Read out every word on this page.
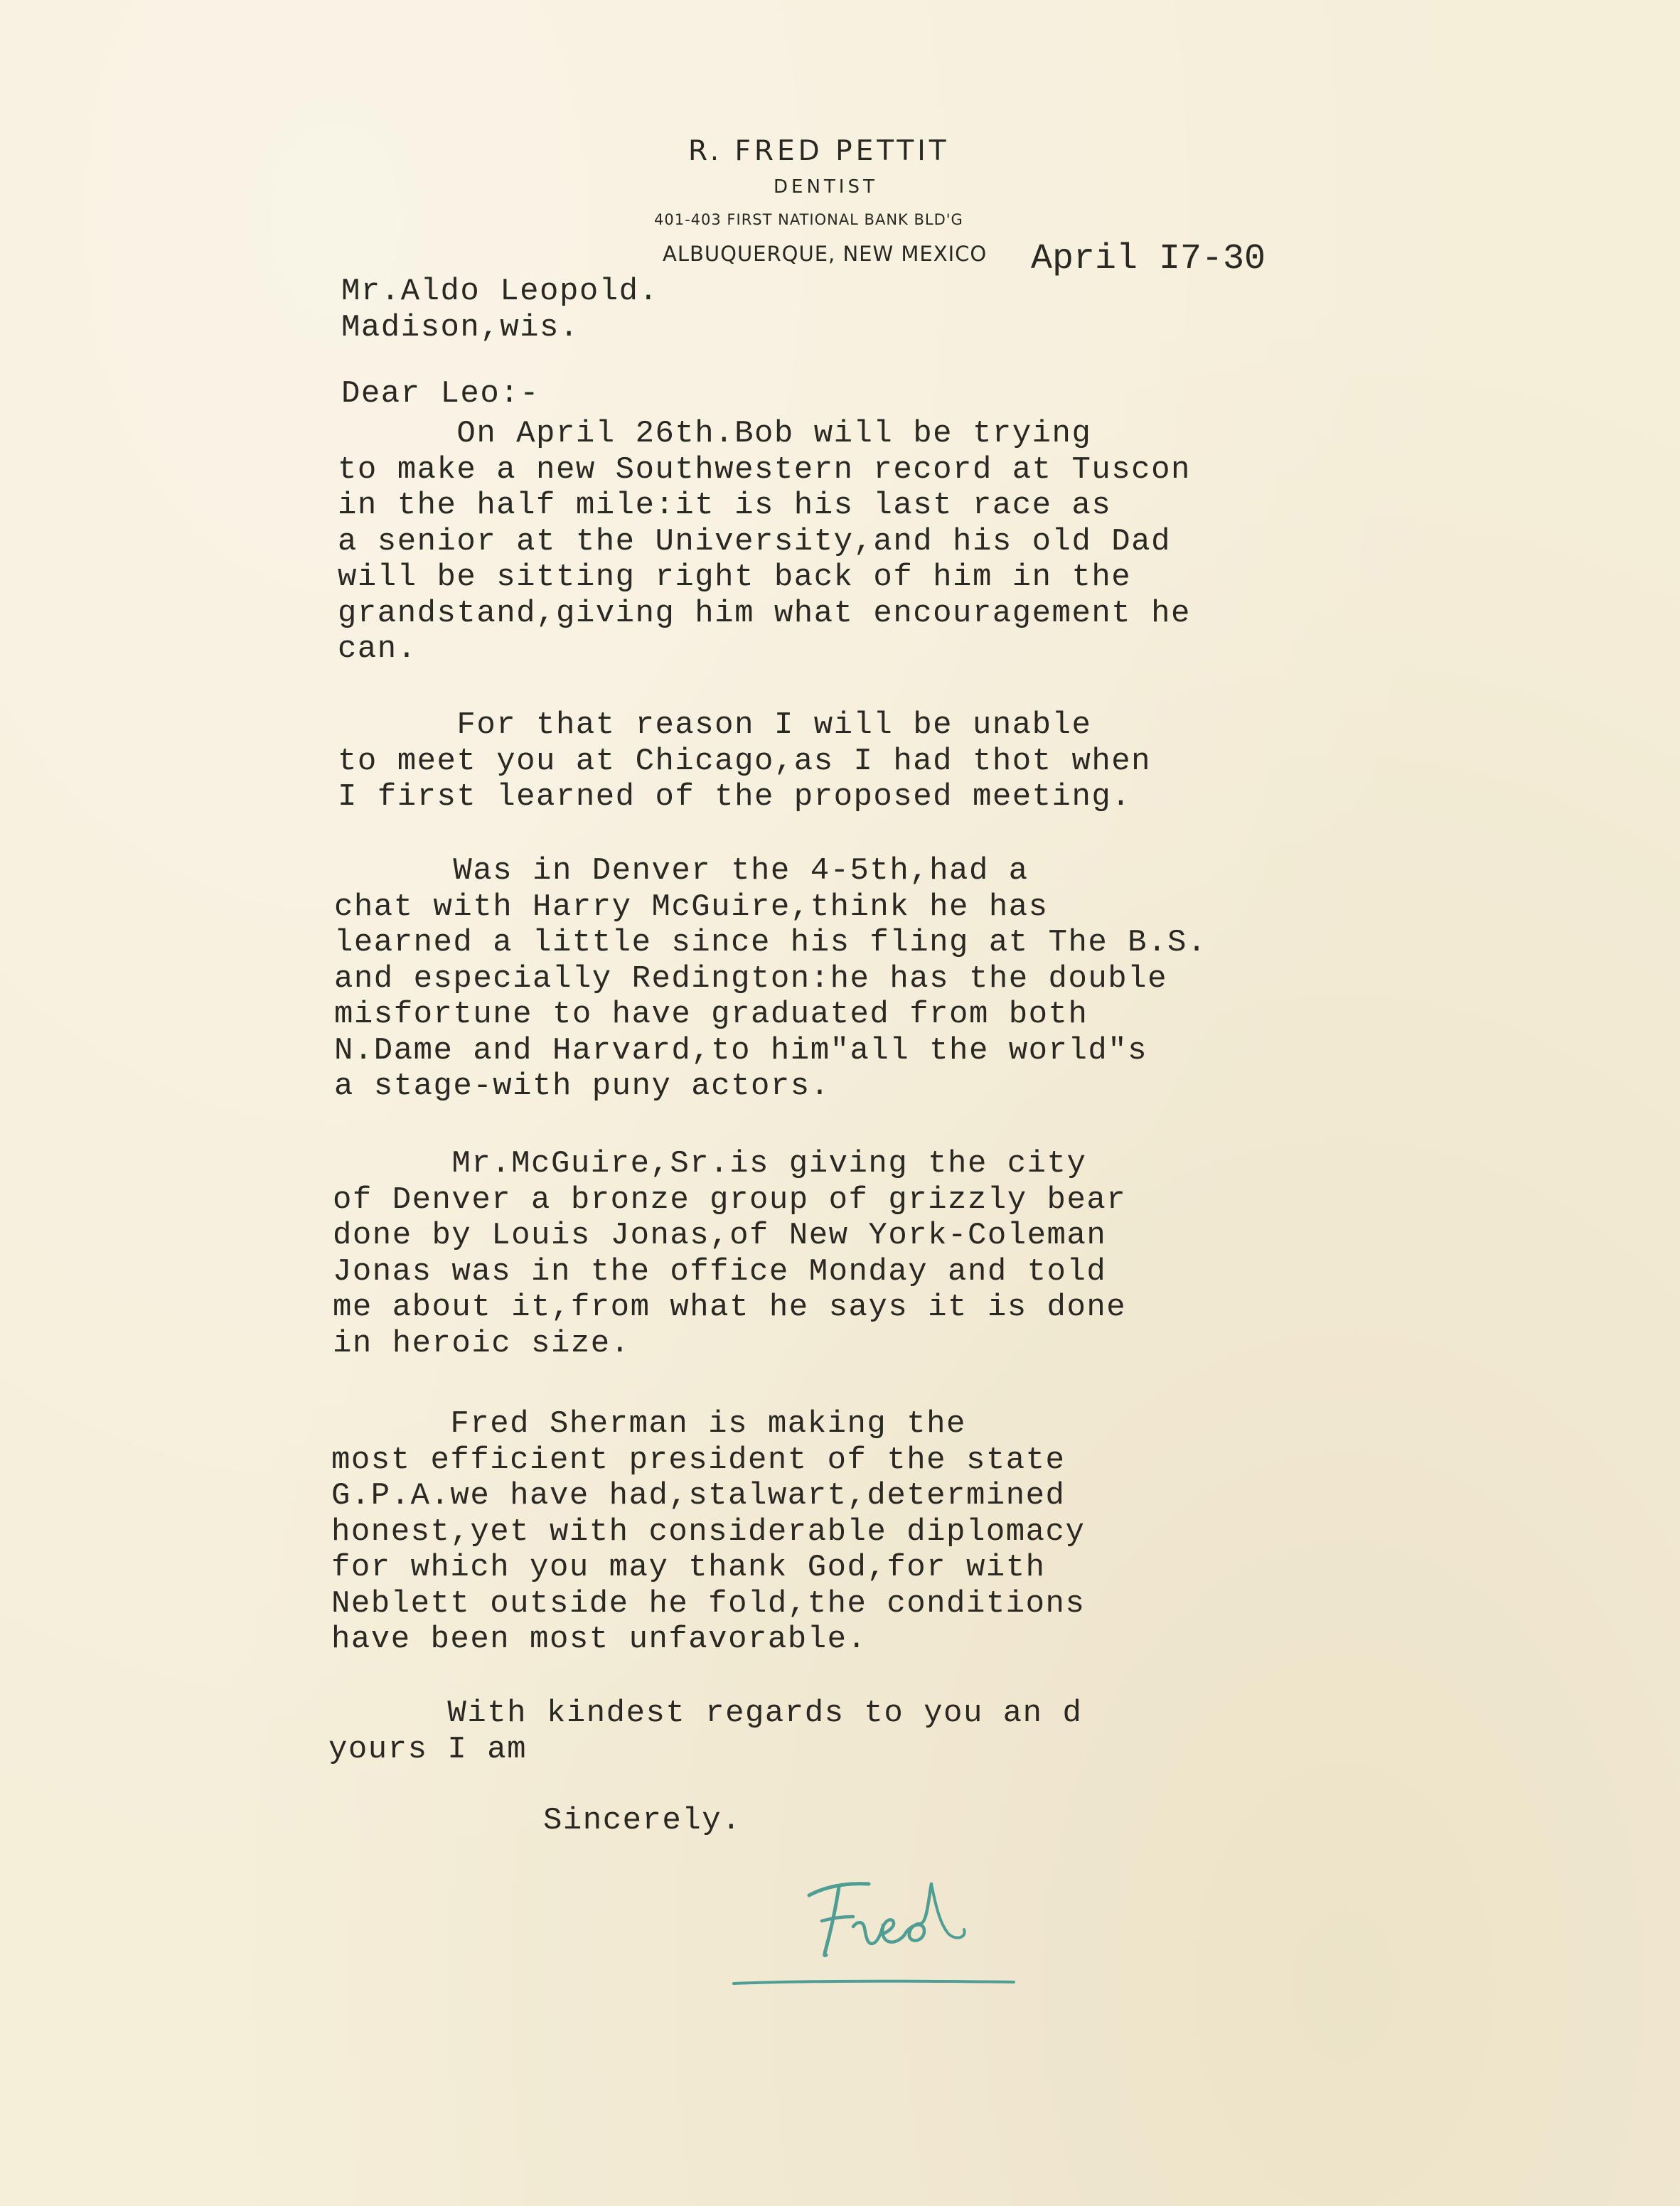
R. FRED PETTIT
DENTIST
401-403 FIRST NATIONAL BANK BLD'G
ALBUQUERQUE, NEW MEXICO April I7-30
Mr.Aldo Leopold.
Madison,wis.
Dear Leo:-
On April 26th.Bob will be trying
to make a new Southwestern record at Tuscon
in the half mile:it is his last race as
a senior at the University,and his old Dad
will be sitting right back of him in the
grandstand,giving him what encouragement he
can.
For that reason I will be unable
to meet you at Chicago,as I had thot when
I first learned of the proposed meeting.
Was in Denver the 4-5th,had a
chat with Harry McGuire,think he has
learned a little since his fling at The B.S.
and especially Redington:he has the double
misfortune to have graduated from both
N.Dame and Harvard,to him"all the world"s
a stage-with puny actors.
Mr.McGuire,Sr.is giving the city
of Denver a bronze group of grizzly bear
done by Louis Jonas,of New York-Coleman
Jonas was in the office Monday and told
me about it,from what he says it is done
in heroic size.
Fred Sherman is making the
most efficient president of the state
G.P.A.we have had,stalwart,determined
honest,yet with considerable diplomacy
for which you may thank God,for with
Neblett outside he fold,the conditions
have been most unfavorable.
With kindest regards to you an d
yours I am
Sincerely.
